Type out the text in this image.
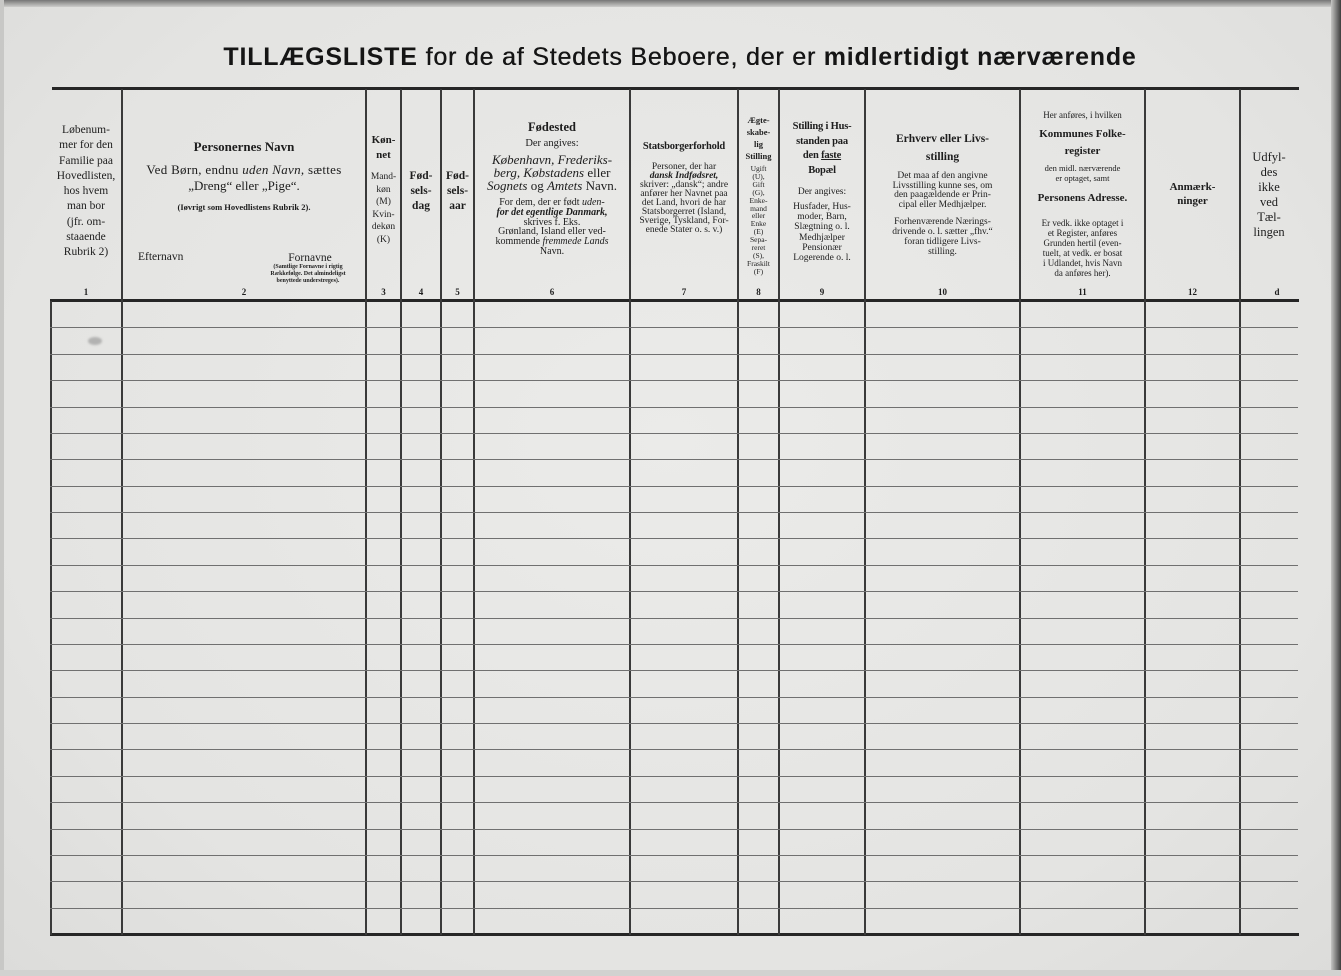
TILLÆGSLISTE for de af Stedets Beboere, der er midlertidigt nærværende
Løbenum-
mer for den
Familie paa
Hovedlisten,
hos hvem
man bor
(jfr. om-
staaende
Rubrik 2)
1
Personernes Navn
Ved Børn, endnu uden Navn, sættes
„Dreng“ eller „Pige“.
(Iøvrigt som Hovedlistens Rubrik 2).
Efternavn	Fornavne
(Samtlige Fornavne i rigtig
Rækkefølge. Det almindeligst
benyttede understreges).
2
Køn-
net
Mand-
køn
(M)
Kvin-
dekøn
(K)
3
Fød-
sels-
dag
4
Fød-
sels-
aar
5
Fødested
Der angives:
København, Frederiks-
berg, Købstadens eller
Sognets og Amtets Navn.
For dem, der er født uden-
for det egentlige Danmark,
skrives f. Eks.
Grønland, Island eller ved-
kommende fremmede Lands
Navn.
6
Statsborgerforhold
Personer, der har
dansk Indfødsret,
skriver: „dansk“; andre
anfører her Navnet paa
det Land, hvori de har
Statsborgerret (Island,
Sverige, Tyskland, For-
enede Stater o. s. v.)
7
Ægte-
skabe-
lig
Stilling
Ugift
(U),
Gift
(G),
Enke-
mand
eller
Enke
(E)
Sepa-
reret
(S),
Fraskilt
(F)
8
Stilling i Hus-
standen paa
den faste
Bopæl
Der angives:
Husfader, Hus-
moder, Barn,
Slægtning o. l.
Medhjælper
Pensionær
Logerende o. l.
9
Erhverv eller Livs-
stilling
Det maa af den angivne
Livsstilling kunne ses, om
den paagældende er Prin-
cipal eller Medhjælper.
Forhenværende Nærings-
drivende o. l. sætter „fhv.“
foran tidligere Livs-
stilling.
10
Her anføres, i hvilken
Kommunes Folke-
register
den midl. nærværende
er optaget, samt
Personens Adresse.
Er vedk. ikke optaget i
et Register, anføres
Grunden hertil (even-
tuelt, at vedk. er bosat
i Udlandet, hvis Navn
da anføres her).
11
Anmærk-
ninger
12
Udfyl-
des
ikke
ved
Tæl-
lingen
d
